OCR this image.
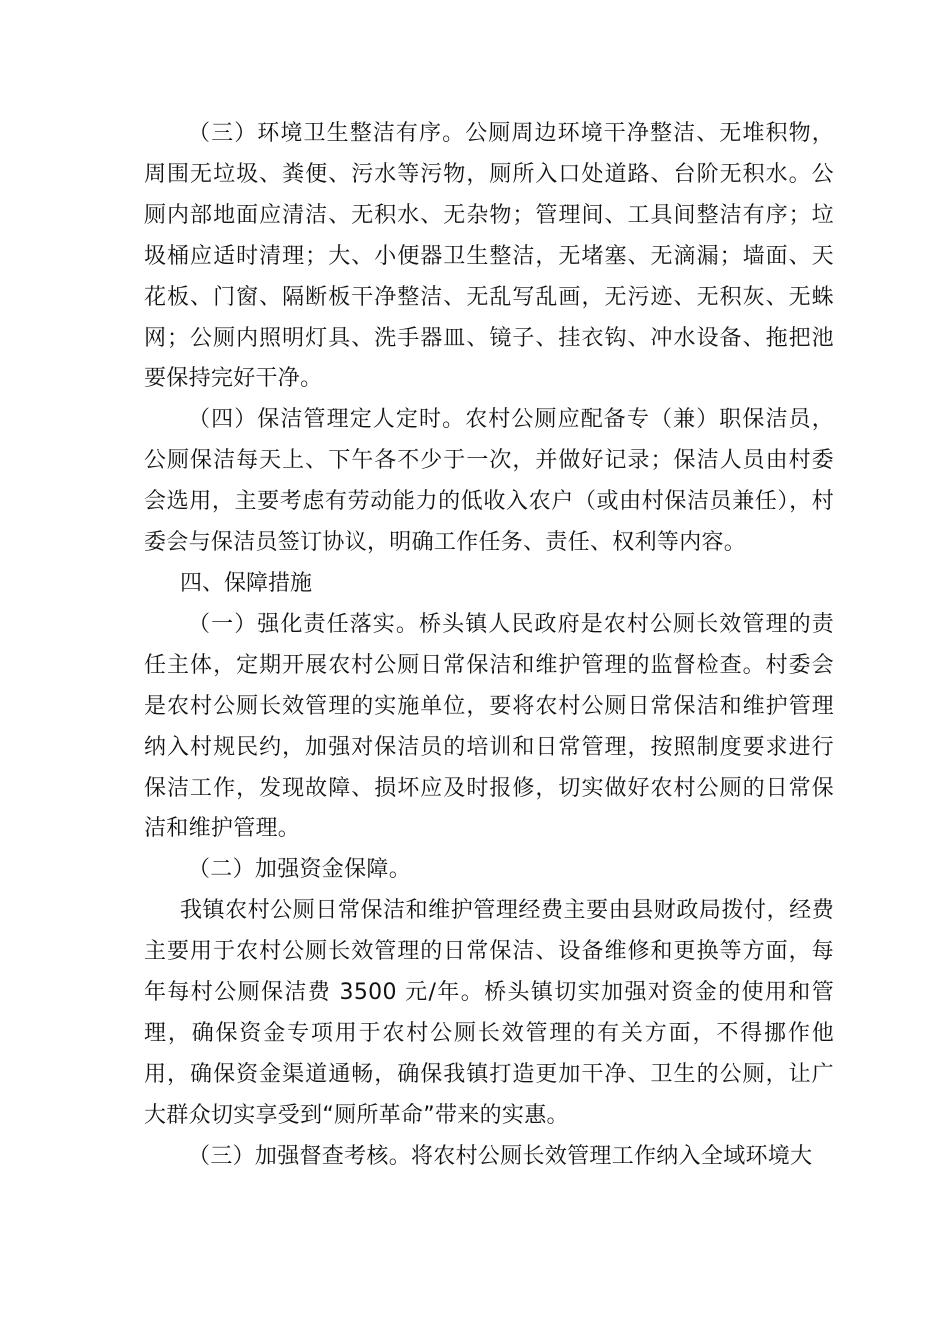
（三）环境卫生整洁有序。公厕周边环境干净整洁、无堆积物，周围无垃圾、粪便、污水等污物，厕所入口处道路、台阶无积水。公厕内部地面应清洁、无积水、无杂物；管理间、工具间整洁有序；垃圾桶应适时清理；大、小便器卫生整洁，无堵塞、无滴漏；墙面、天花板、门窗、隔断板干净整洁、无乱写乱画，无污迹、无积灰、无蛛网；公厕内照明灯具、洗手器皿、镜子、挂衣钩、冲水设备、拖把池要保持完好干净。

（四）保洁管理定人定时。农村公厕应配备专（兼）职保洁员，公厕保洁每天上、下午各不少于一次，并做好记录；保洁人员由村委会选用，主要考虑有劳动能力的低收入农户（或由村保洁员兼任），村委会与保洁员签订协议，明确工作任务、责任、权利等内容。

四、保障措施

（一）强化责任落实。桥头镇人民政府是农村公厕长效管理的责任主体，定期开展农村公厕日常保洁和维护管理的监督检查。村委会是农村公厕长效管理的实施单位，要将农村公厕日常保洁和维护管理纳入村规民约，加强对保洁员的培训和日常管理，按照制度要求进行保洁工作，发现故障、损坏应及时报修，切实做好农村公厕的日常保洁和维护管理。

（二）加强资金保障。

我镇农村公厕日常保洁和维护管理经费主要由县财政局拨付，经费主要用于农村公厕长效管理的日常保洁、设备维修和更换等方面，每年每村公厕保洁费 3500 元/年。桥头镇切实加强对资金的使用和管理，确保资金专项用于农村公厕长效管理的有关方面，不得挪作他用，确保资金渠道通畅，确保我镇打造更加干净、卫生的公厕，让广大群众切实享受到“厕所革命”带来的实惠。

（三）加强督查考核。将农村公厕长效管理工作纳入全域环境大
